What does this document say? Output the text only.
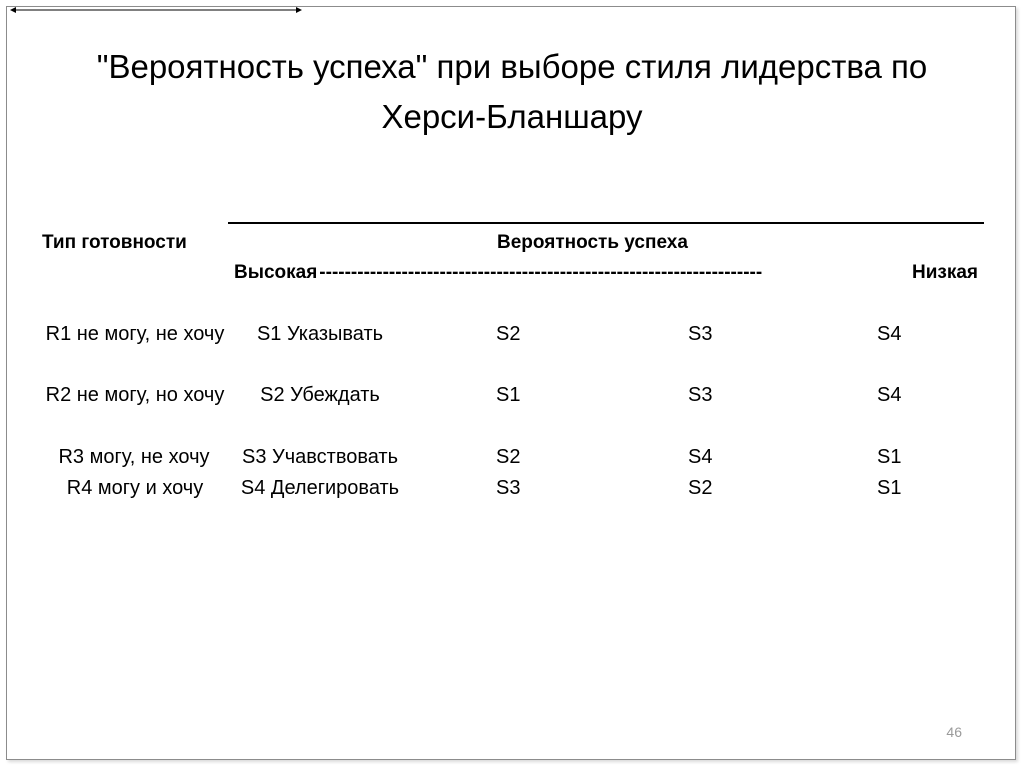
"Вероятность успеха" при выборе стиля лидерства по Херси-Бланшару
Тип готовности	Вероятность успеха
Высокая ----------------------------------------------------------------------	Низкая
R1 не могу, не хочу	S1 Указывать	S2	S3	S4
R2 не могу, но хочу	S2 Убеждать	S1	S3	S4
R3 могу, не хочу	S3 Учавствовать	S2	S4	S1
R4 могу и хочу	S4 Делегировать	S3	S2	S1
46
